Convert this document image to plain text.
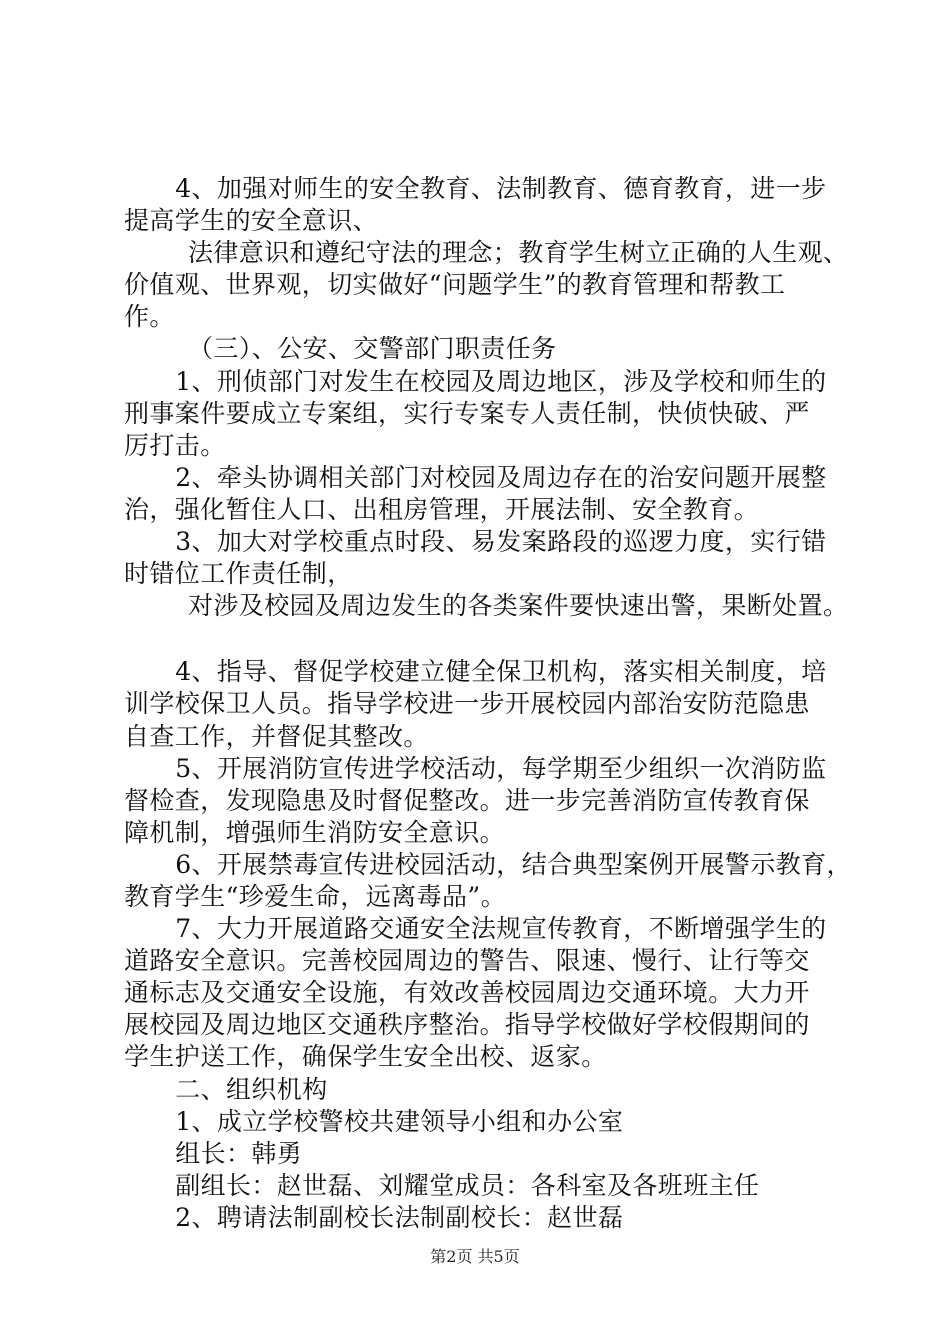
4、加强对师生的安全教育、法制教育、德育教育，进一步
提高学生的安全意识、
法律意识和遵纪守法的理念；教育学生树立正确的人生观、
价值观、世界观，切实做好“问题学生”的教育管理和帮教工
作。
（三）、公安、交警部门职责任务
1、刑侦部门对发生在校园及周边地区，涉及学校和师生的
刑事案件要成立专案组，实行专案专人责任制，快侦快破、严
厉打击。
2、牵头协调相关部门对校园及周边存在的治安问题开展整
治，强化暂住人口、出租房管理，开展法制、安全教育。
3、加大对学校重点时段、易发案路段的巡逻力度，实行错
时错位工作责任制，
对涉及校园及周边发生的各类案件要快速出警，果断处置。
4、指导、督促学校建立健全保卫机构，落实相关制度，培
训学校保卫人员。指导学校进一步开展校园内部治安防范隐患
自查工作，并督促其整改。
5、开展消防宣传进学校活动，每学期至少组织一次消防监
督检查，发现隐患及时督促整改。进一步完善消防宣传教育保
障机制，增强师生消防安全意识。
6、开展禁毒宣传进校园活动，结合典型案例开展警示教育，
教育学生“珍爱生命，远离毒品”。
7、大力开展道路交通安全法规宣传教育，不断增强学生的
道路安全意识。完善校园周边的警告、限速、慢行、让行等交
通标志及交通安全设施，有效改善校园周边交通环境。大力开
展校园及周边地区交通秩序整治。指导学校做好学校假期间的
学生护送工作，确保学生安全出校、返家。
二、组织机构
1、成立学校警校共建领导小组和办公室
组长：韩勇
副组长：赵世磊、刘耀堂成员：各科室及各班班主任
2、聘请法制副校长法制副校长：赵世磊
第2页 共5页
